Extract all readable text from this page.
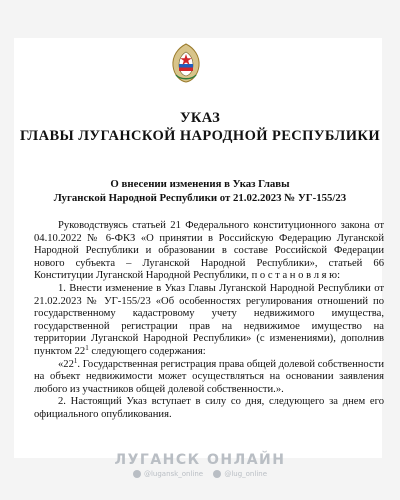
УКАЗ
ГЛАВЫ ЛУГАНСКОЙ НАРОДНОЙ РЕСПУБЛИКИ
О внесении изменения в Указ Главы
Луганской Народной Республики от 21.02.2023 № УГ-155/23

Руководствуясь статьей 21 Федерального конституционного закона от 04.10.2022 № 6-ФКЗ «О принятии в Российскую Федерацию Луганской Народной Республики и образовании в составе Российской Федерации нового субъекта – Луганской Народной Республики», статьей 66 Конституции Луганской Народной Республики, п о с т а н о в л я ю:

1. Внести изменение в Указ Главы Луганской Народной Республики от 21.02.2023 № УГ-155/23 «Об особенностях регулирования отношений по государственному кадастровому учету недвижимого имущества, государственной регистрации прав на недвижимое имущество на территории Луганской Народной Республики» (с изменениями), дополнив пунктом $22^1$ следующего содержания:

«$22^1$. Государственная регистрация права общей долевой собственности на объект недвижимости может осуществляться на основании заявления любого из участников общей долевой собственности.».

2. Настоящий Указ вступает в силу со дня, следующего за днем его официального опубликования.

ЛУГАНСК ОНЛАЙН
@lugansk_online
	@lug_online
